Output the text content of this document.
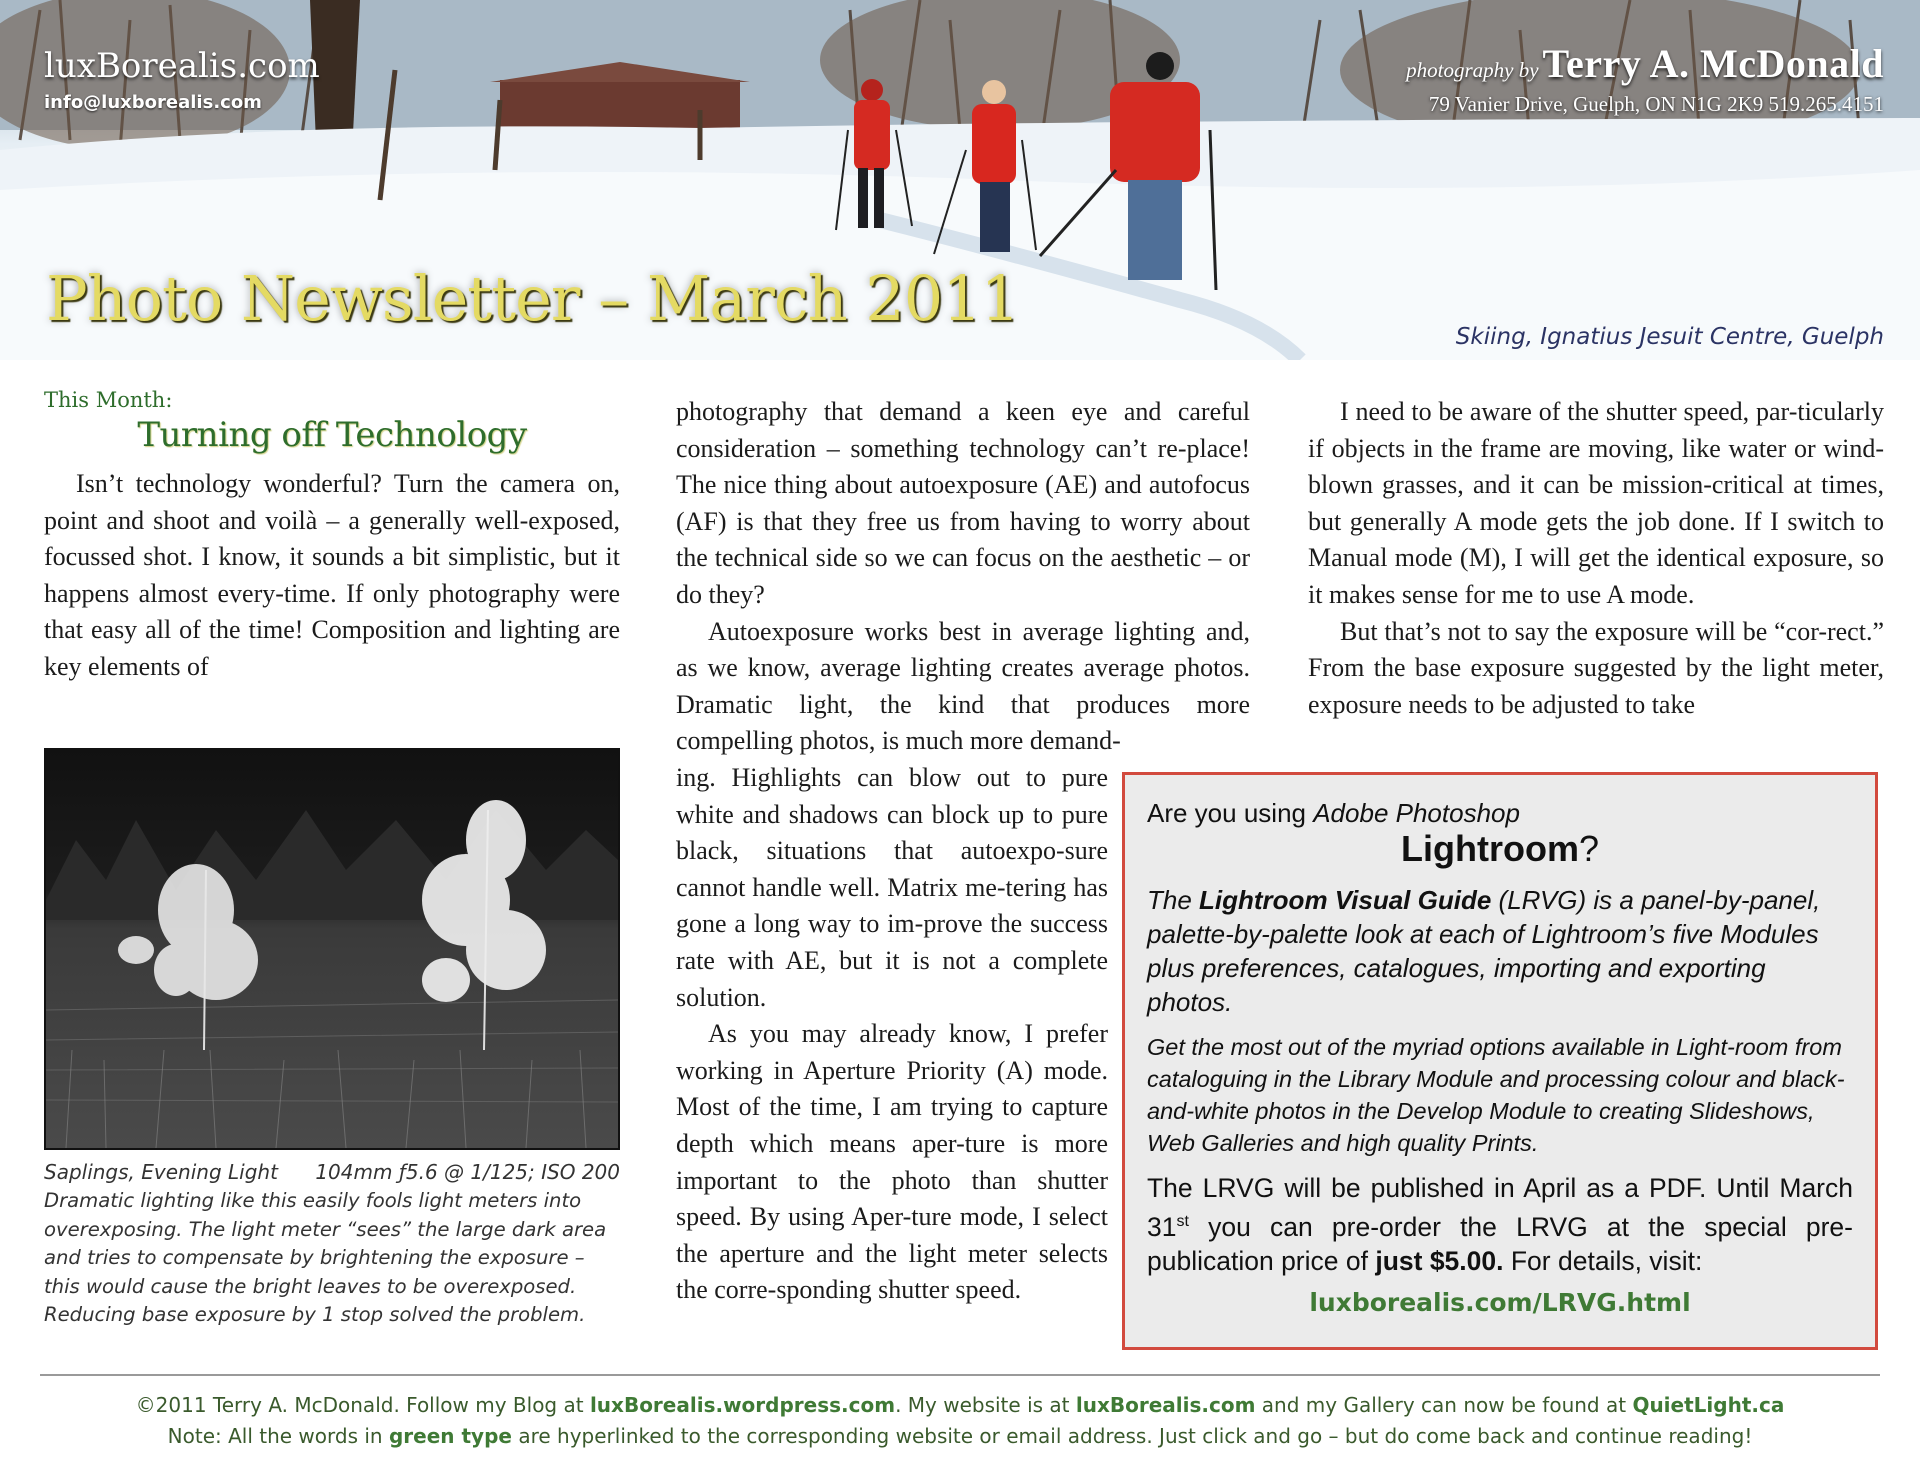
luxBorealis.com
info@luxborealis.com
photography by Terry A. McDonald
79 Vanier Drive, Guelph, ON N1G 2K9 519.265.4151
Photo Newsletter – March 2011
Skiing, Ignatius Jesuit Centre, Guelph

This Month:

Turning off Technology

Isn’t technology wonderful? Turn the camera on, point and shoot and voilà – a generally well-exposed, focussed shot. I know, it sounds a bit simplistic, but it happens almost every-time. If only photography were that easy all of the time! Composition and lighting are key elements of

Saplings, Evening Light 104mm ƒ5.6 @ 1/125; ISO 200
Dramatic lighting like this easily fools light meters into overexposing. The light meter “sees” the large dark area and tries to compensate by brightening the exposure – this would cause the bright leaves to be overexposed. Reducing base exposure by 1 stop solved the problem.

photography that demand a keen eye and careful consideration – something technology can’t re-place! The nice thing about autoexposure (AE) and autofocus (AF) is that they free us from having to worry about the technical side so we can focus on the aesthetic – or do they?

Autoexposure works best in average lighting and, as we know, average lighting creates average photos. Dramatic light, the kind that produces more compelling photos, is much more demand-

ing. Highlights can blow out to pure white and shadows can block up to pure black, situations that autoexpo-sure cannot handle well. Matrix me-tering has gone a long way to im-prove the success rate with AE, but it is not a complete solution.

As you may already know, I prefer working in Aperture Priority (A) mode. Most of the time, I am trying to capture depth which means aper-ture is more important to the photo than shutter speed. By using Aper-ture mode, I select the aperture and the light meter selects the corre-sponding shutter speed.

I need to be aware of the shutter speed, par-ticularly if objects in the frame are moving, like water or wind-blown grasses, and it can be mission-critical at times, but generally A mode gets the job done. If I switch to Manual mode (M), I will get the identical exposure, so it makes sense for me to use A mode.

But that’s not to say the exposure will be “cor-rect.” From the base exposure suggested by the light meter, exposure needs to be adjusted to take

Are you using Adobe Photoshop

Lightroom?

The Lightroom Visual Guide (LRVG) is a panel-by-panel, palette-by-palette look at each of Lightroom’s five Modules plus preferences, catalogues, importing and exporting photos.

Get the most out of the myriad options available in Light-room from cataloguing in the Library Module and processing colour and black-and-white photos in the Develop Module to creating Slideshows, Web Galleries and high quality Prints.

The LRVG will be published in April as a PDF. Until March 31st you can pre-order the LRVG at the special pre-publication price of just $5.00. For details, visit:

luxborealis.com/LRVG.html
©2011 Terry A. McDonald. Follow my Blog at luxBorealis.wordpress.com. My website is at luxBorealis.com and my Gallery can now be found at QuietLight.ca
Note: All the words in green type are hyperlinked to the corresponding website or email address. Just click and go – but do come back and continue reading!
